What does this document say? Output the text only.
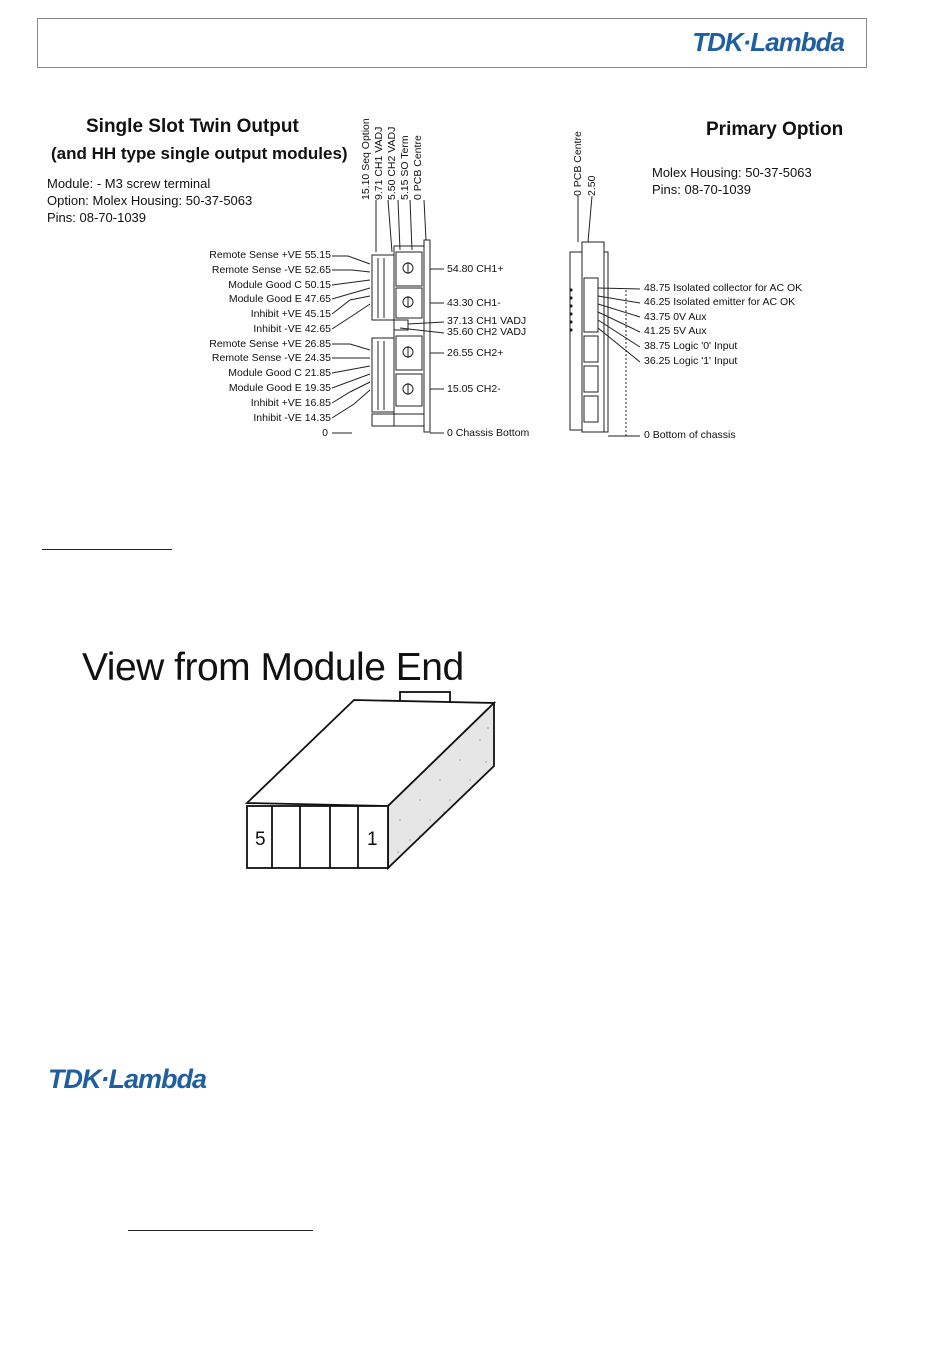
TDK·Lambda
Single Slot Twin Output
(and HH type single output modules)
Module: - M3 screw terminal
Option: Molex Housing: 50-37-5063
Pins: 08-70-1039
15.10 Seq Option 9.71 CH1 VADJ 5.50 CH2 VADJ 5.15 SO Term 0 PCB Centre
Remote Sense +VE 55.15
Remote Sense -VE 52.65
Module Good C 50.15
Module Good E 47.65
Inhibit +VE 45.15
Inhibit -VE 42.65
Remote Sense +VE 26.85
Remote Sense -VE 24.35
Module Good C 21.85
Module Good E 19.35
Inhibit +VE 16.85
Inhibit -VE 14.35
0
54.80 CH1+
43.30 CH1-
37.13 CH1 VADJ
35.60 CH2 VADJ
26.55 CH2+
15.05 CH2-
0 Chassis Bottom
Primary Option
Molex Housing: 50-37-5063
Pins: 08-70-1039
0 PCB Centre 2.50
48.75 Isolated collector for AC OK
46.25 Isolated emitter for AC OK
43.75 0V Aux
41.25 5V Aux
38.75 Logic '0' Input
36.25 Logic '1' Input
0 Bottom of chassis
View from Module End
5	1
TDK·Lambda
